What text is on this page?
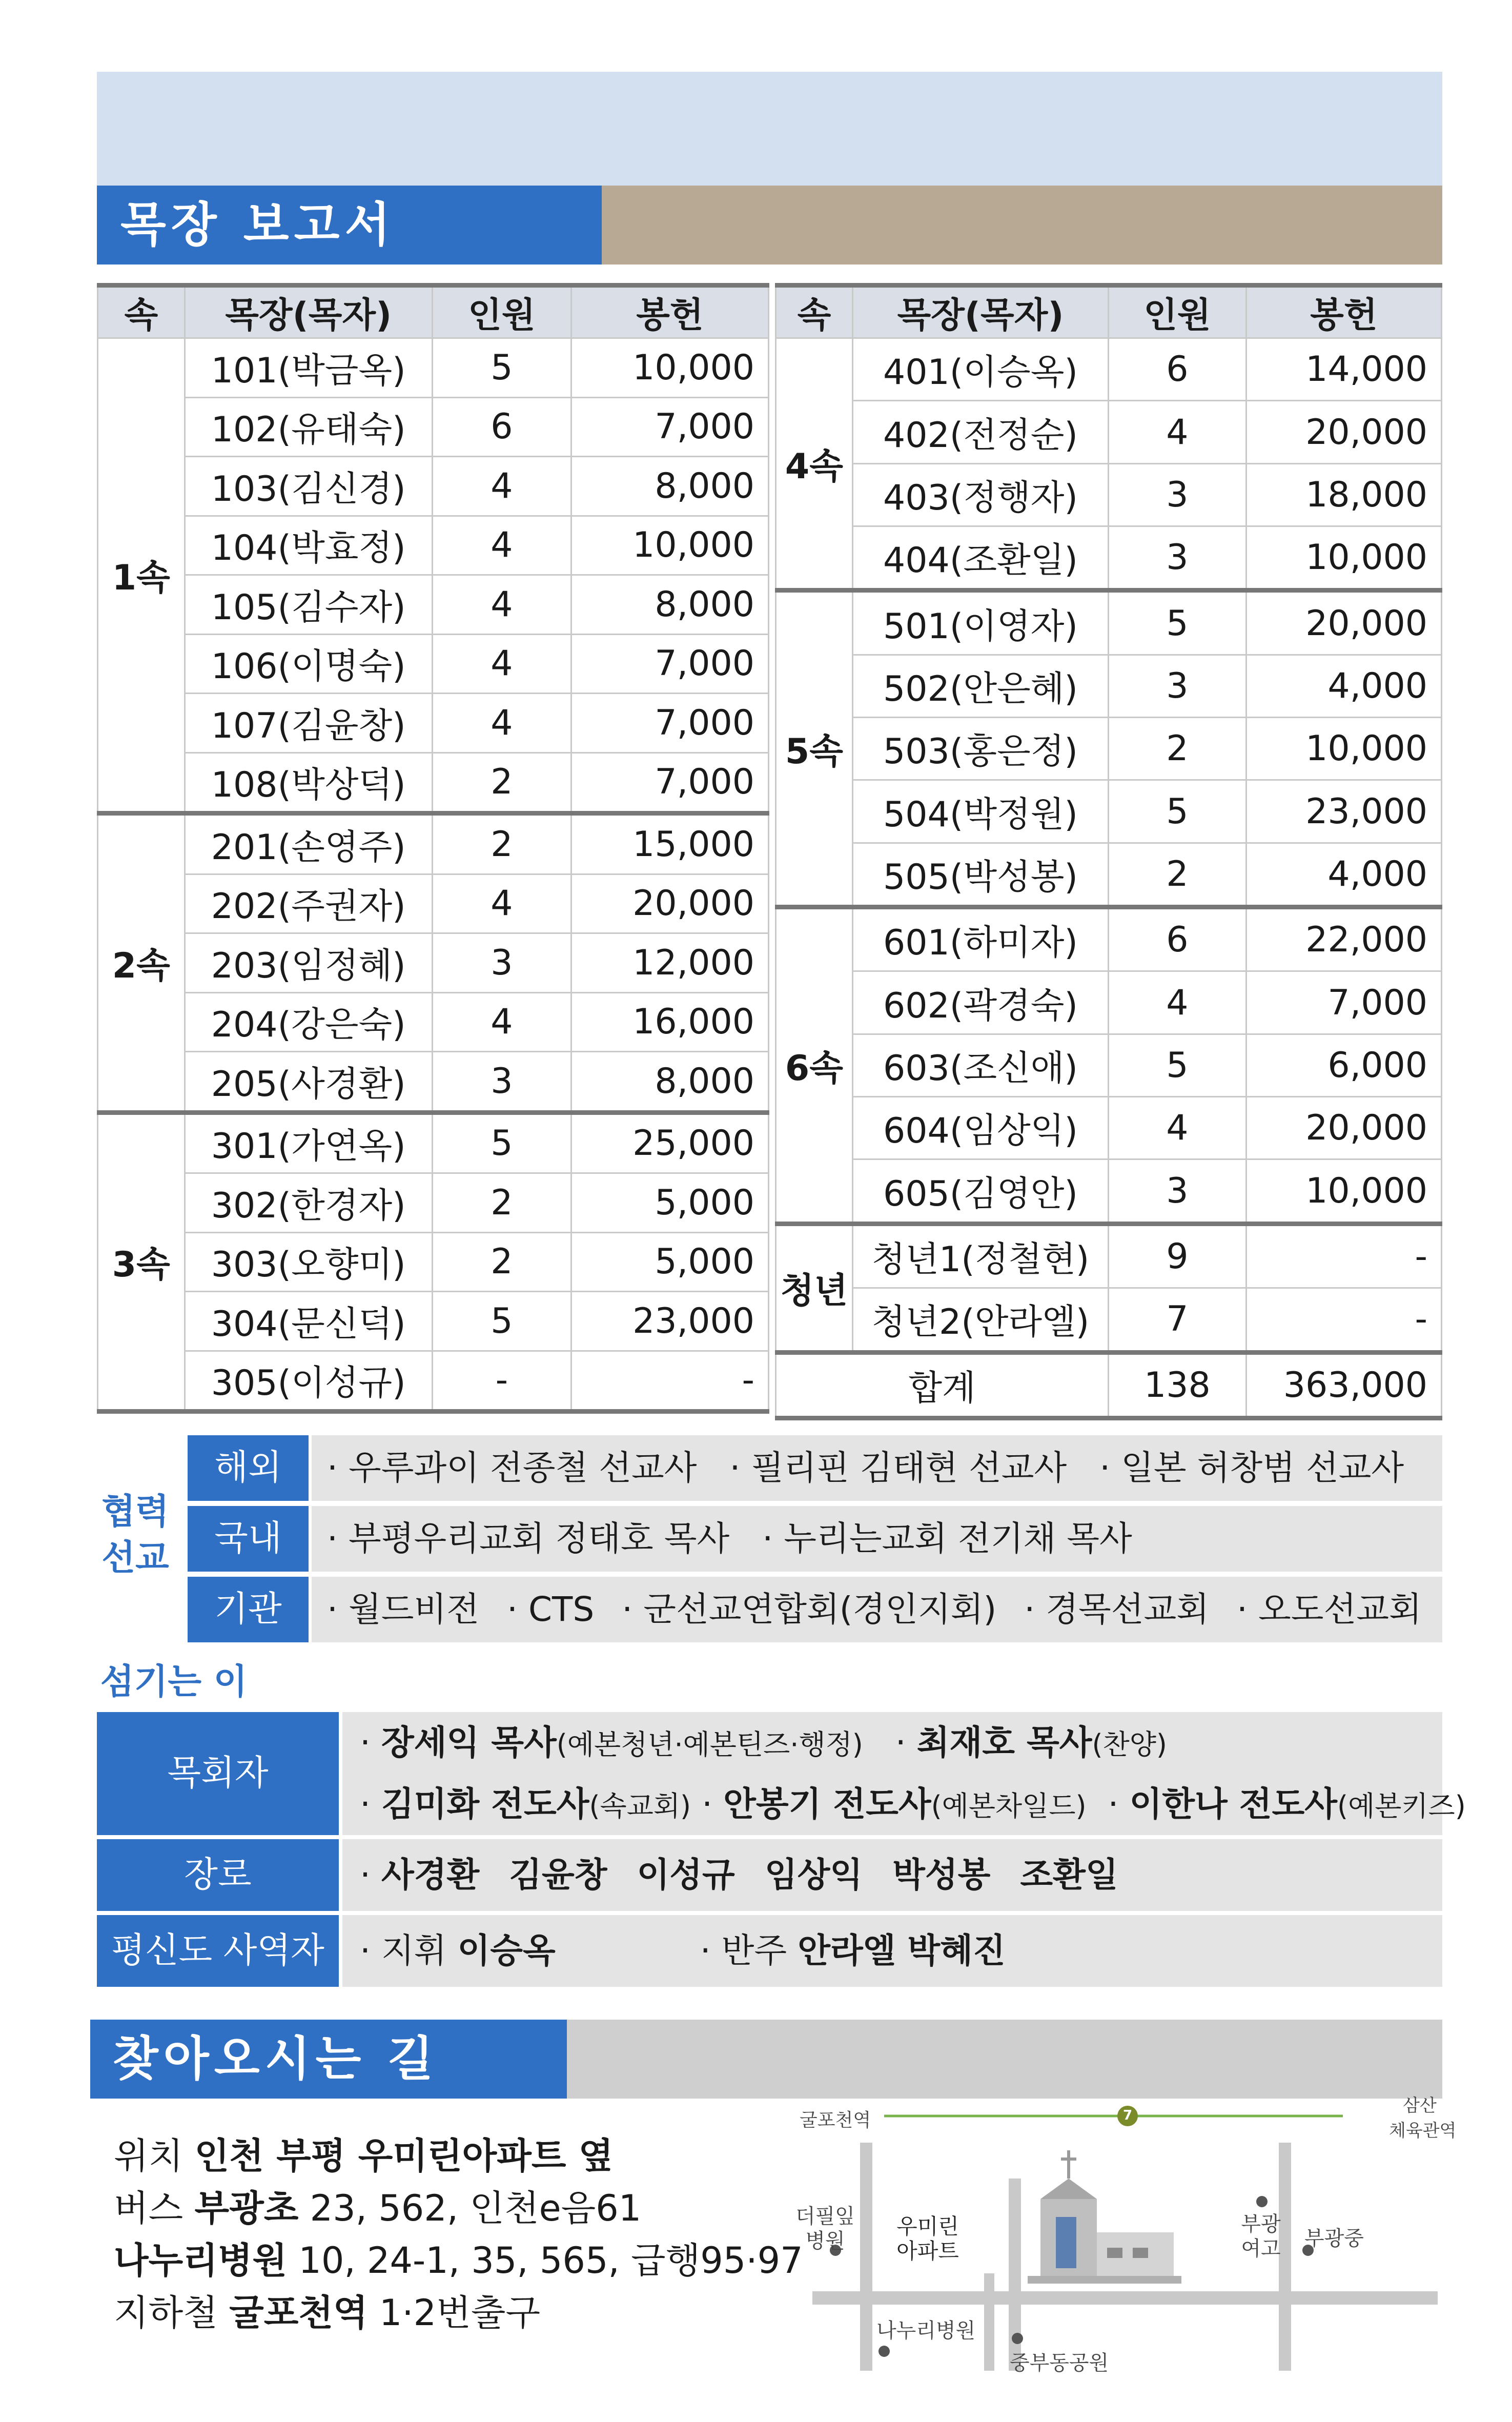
목장 보고서
속	목장(목자)	인원	봉헌
1속	101(박금옥)	5	10,000
	102(유태숙)	6	7,000
	103(김신경)	4	8,000
	104(박효정)	4	10,000
	105(김수자)	4	8,000
	106(이명숙)	4	7,000
	107(김윤창)	4	7,000
	108(박상덕)	2	7,000
2속	201(손영주)	2	15,000
	202(주권자)	4	20,000
	203(임정혜)	3	12,000
	204(강은숙)	4	16,000
	205(사경환)	3	8,000
3속	301(가연옥)	5	25,000
	302(한경자)	2	5,000
	303(오향미)	2	5,000
	304(문신덕)	5	23,000
	305(이성규)	-	-
속	목장(목자)	인원	봉헌
4속	401(이승옥)	6	14,000
	402(전정순)	4	20,000
	403(정행자)	3	18,000
	404(조환일)	3	10,000
5속	501(이영자)	5	20,000
	502(안은혜)	3	4,000
	503(홍은정)	2	10,000
	504(박정원)	5	23,000
	505(박성봉)	2	4,000
6속	601(하미자)	6	22,000
	602(곽경숙)	4	7,000
	603(조신애)	5	6,000
	604(임상익)	4	20,000
	605(김영안)	3	10,000
청년	청년1(정철현)	9	-
	청년2(안라엘)	7	-
합계		138	363,000
협력
선교
해외	· 우루과이 전종철 선교사 · 필리핀 김태현 선교사 · 일본 허창범 선교사
국내	· 부평우리교회 정태호 목사 · 누리는교회 전기채 목사
기관	· 월드비전 · CTS · 군선교연합회(경인지회) · 경목선교회 · 오도선교회
섬기는 이
목회자
· 장세익 목사(예본청년·예본틴즈·행정)   · 최재호 목사(찬양)
· 김미화 전도사(속교회) · 안봉기 전도사(예본차일드)  · 이한나 전도사(예본키즈)
장로	· 사경환 김윤창 이성규 임상익 박성봉 조환일
평신도 사역자	· 지휘 이승옥	· 반주 안라엘 박혜진
찾아오시는 길
위치 인천 부평 우미린아파트 옆
버스 부광초 23, 562, 인천e음61
나누리병원 10, 24-1, 35, 565, 급행95·97
지하철 굴포천역 1·2번출구
굴포천역	7	삼산
체육관역
더필잎
병원
우미린
아파트
부광
여고	부광중
나누리병원
중부동공원
